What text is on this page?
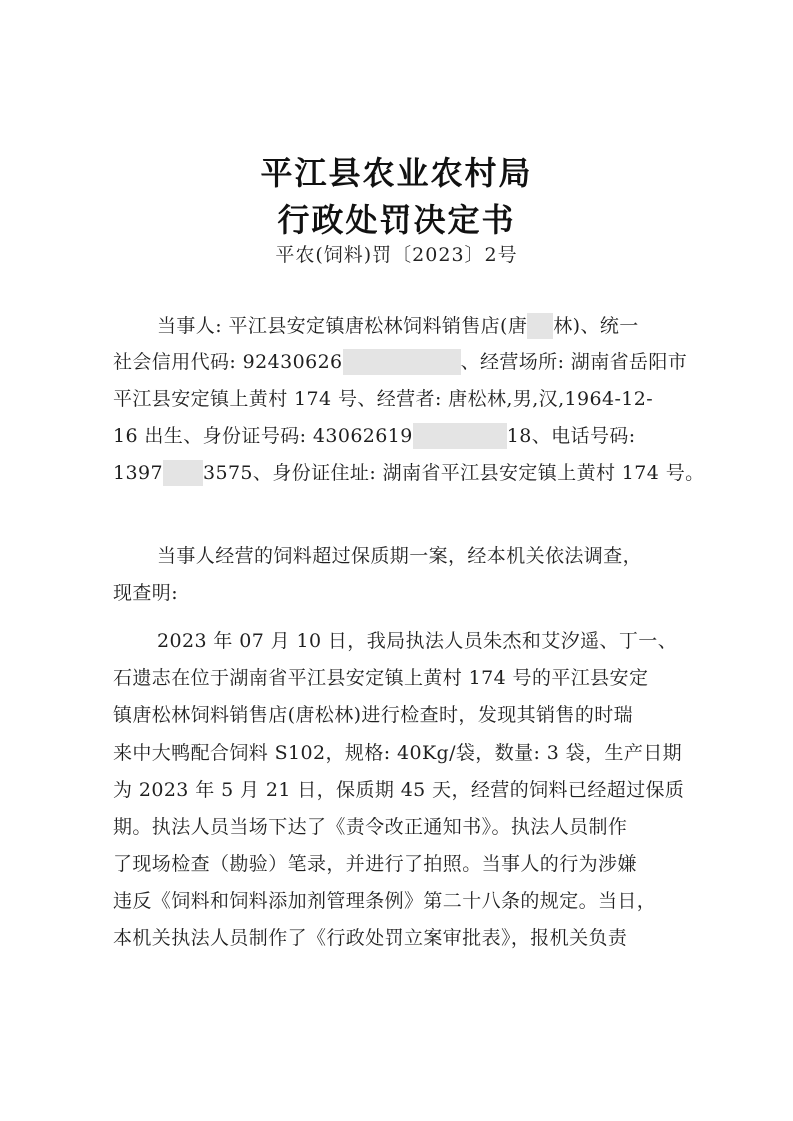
平江县农业农村局
行政处罚决定书
平农(饲料)罚〔2023〕2号
当事人: 平江县安定镇唐松林饲料销售店(唐 林)、统一
社会信用代码: 92430626	、经营场所: 湖南省岳阳市
平江县安定镇上黄村 174 号、经营者: 唐松林,男,汉,1964-12-
16 出生、身份证号码: 43062619	18、电话号码:
1397 3575、身份证住址: 湖南省平江县安定镇上黄村 174 号。
当事人经营的饲料超过保质期一案，经本机关依法调查，
现查明:
2023 年 07 月 10 日，我局执法人员朱杰和艾汐遥、丁一、
石遗志在位于湖南省平江县安定镇上黄村 174 号的平江县安定
镇唐松林饲料销售店(唐松林)进行检查时，发现其销售的时瑞
来中大鸭配合饲料 S102，规格: 40Kg/袋，数量: 3 袋，生产日期
为 2023 年 5 月 21 日，保质期 45 天，经营的饲料已经超过保质
期。执法人员当场下达了《责令改正通知书》。执法人员制作
了现场检查（勘验）笔录，并进行了拍照。当事人的行为涉嫌
违反《饲料和饲料添加剂管理条例》第二十八条的规定。当日，
本机关执法人员制作了《行政处罚立案审批表》，报机关负责
